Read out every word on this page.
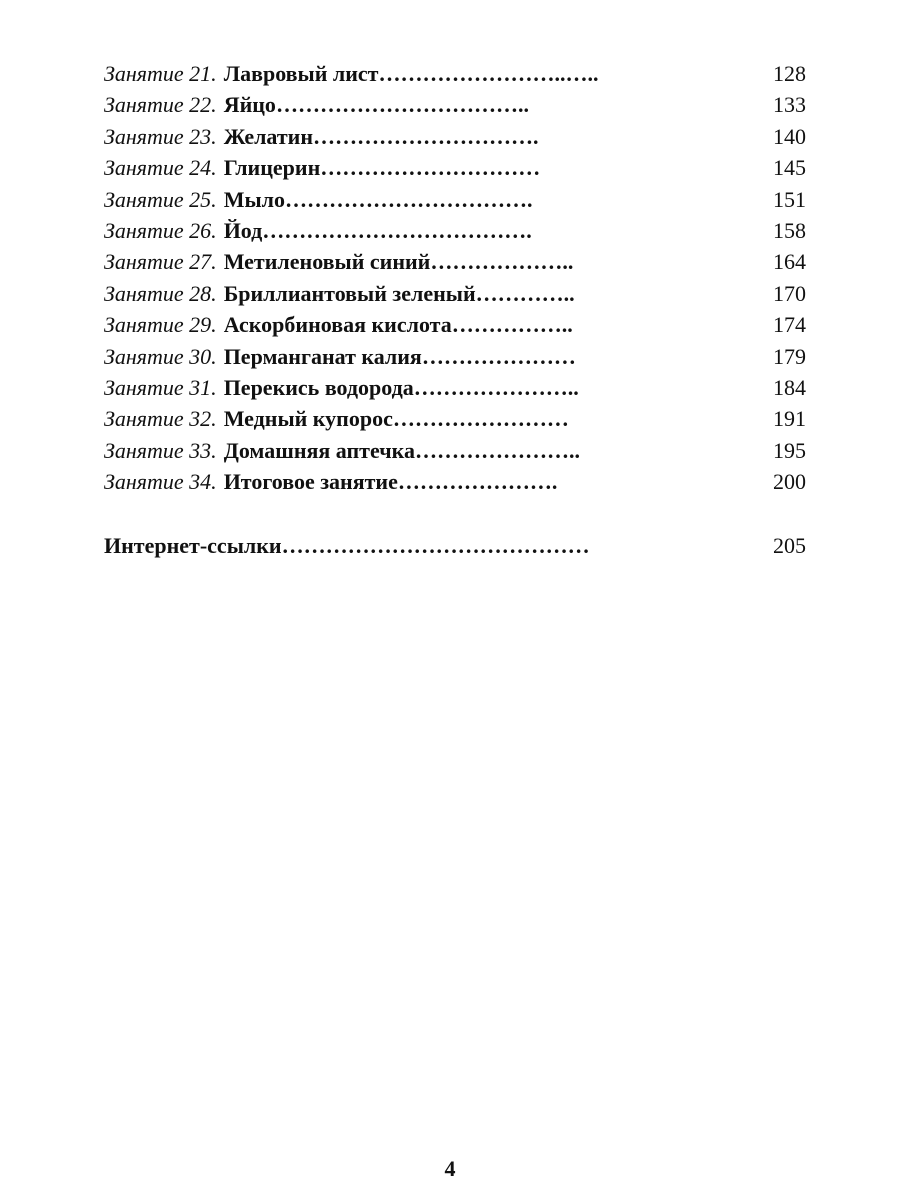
Занятие 21. Лавровый лист ……………………..…..	128
Занятие 22. Яйцо ……………………………..	133
Занятие 23. Желатин ………………………….	140
Занятие 24. Глицерин …………………………	145
Занятие 25. Мыло …………………………….	151
Занятие 26. Йод ……………………………….	158
Занятие 27. Метиленовый синий ………………..	164
Занятие 28. Бриллиантовый зеленый …………..	170
Занятие 29. Аскорбиновая кислота ……………..	174
Занятие 30. Перманганат калия …………………	179
Занятие 31. Перекись водорода …………………..	184
Занятие 32. Медный купорос ……………………	191
Занятие 33. Домашняя аптечка …………………..	195
Занятие 34. Итоговое занятие ………………….	200
Интернет-ссылки ……………………………………	205
4
